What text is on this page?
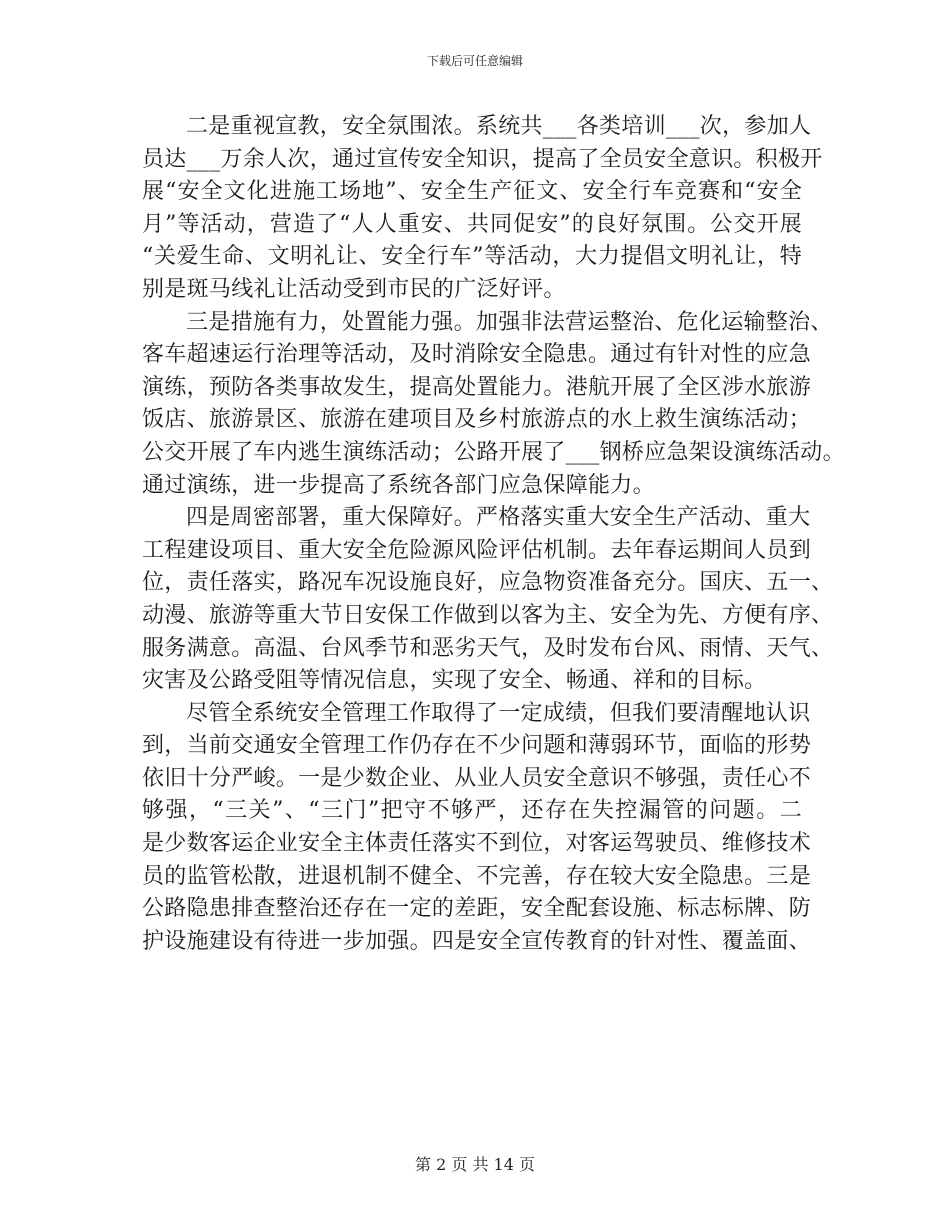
下载后可任意编辑

二是重视宣教，安全氛围浓。系统共___各类培训___次，参加人
员达___万余人次，通过宣传安全知识，提高了全员安全意识。积极开
展“安全文化进施工场地”、安全生产征文、安全行车竞赛和“安全
月”等活动，营造了“人人重安、共同促安”的良好氛围。公交开展
“关爱生命、文明礼让、安全行车”等活动，大力提倡文明礼让，特
别是斑马线礼让活动受到市民的广泛好评。

三是措施有力，处置能力强。加强非法营运整治、危化运输整治、
客车超速运行治理等活动，及时消除安全隐患。通过有针对性的应急
演练，预防各类事故发生，提高处置能力。港航开展了全区涉水旅游
饭店、旅游景区、旅游在建项目及乡村旅游点的水上救生演练活动；
公交开展了车内逃生演练活动；公路开展了___钢桥应急架设演练活动。
通过演练，进一步提高了系统各部门应急保障能力。

四是周密部署，重大保障好。严格落实重大安全生产活动、重大
工程建设项目、重大安全危险源风险评估机制。去年春运期间人员到
位，责任落实，路况车况设施良好，应急物资准备充分。国庆、五一、
动漫、旅游等重大节日安保工作做到以客为主、安全为先、方便有序、
服务满意。高温、台风季节和恶劣天气，及时发布台风、雨情、天气、
灾害及公路受阻等情况信息，实现了安全、畅通、祥和的目标。

尽管全系统安全管理工作取得了一定成绩，但我们要清醒地认识
到，当前交通安全管理工作仍存在不少问题和薄弱环节，面临的形势
依旧十分严峻。一是少数企业、从业人员安全意识不够强，责任心不
够强，“三关”、“三门”把守不够严，还存在失控漏管的问题。二
是少数客运企业安全主体责任落实不到位，对客运驾驶员、维修技术
员的监管松散，进退机制不健全、不完善，存在较大安全隐患。三是
公路隐患排查整治还存在一定的差距，安全配套设施、标志标牌、防
护设施建设有待进一步加强。四是安全宣传教育的针对性、覆盖面、

第 2 页 共 14 页
